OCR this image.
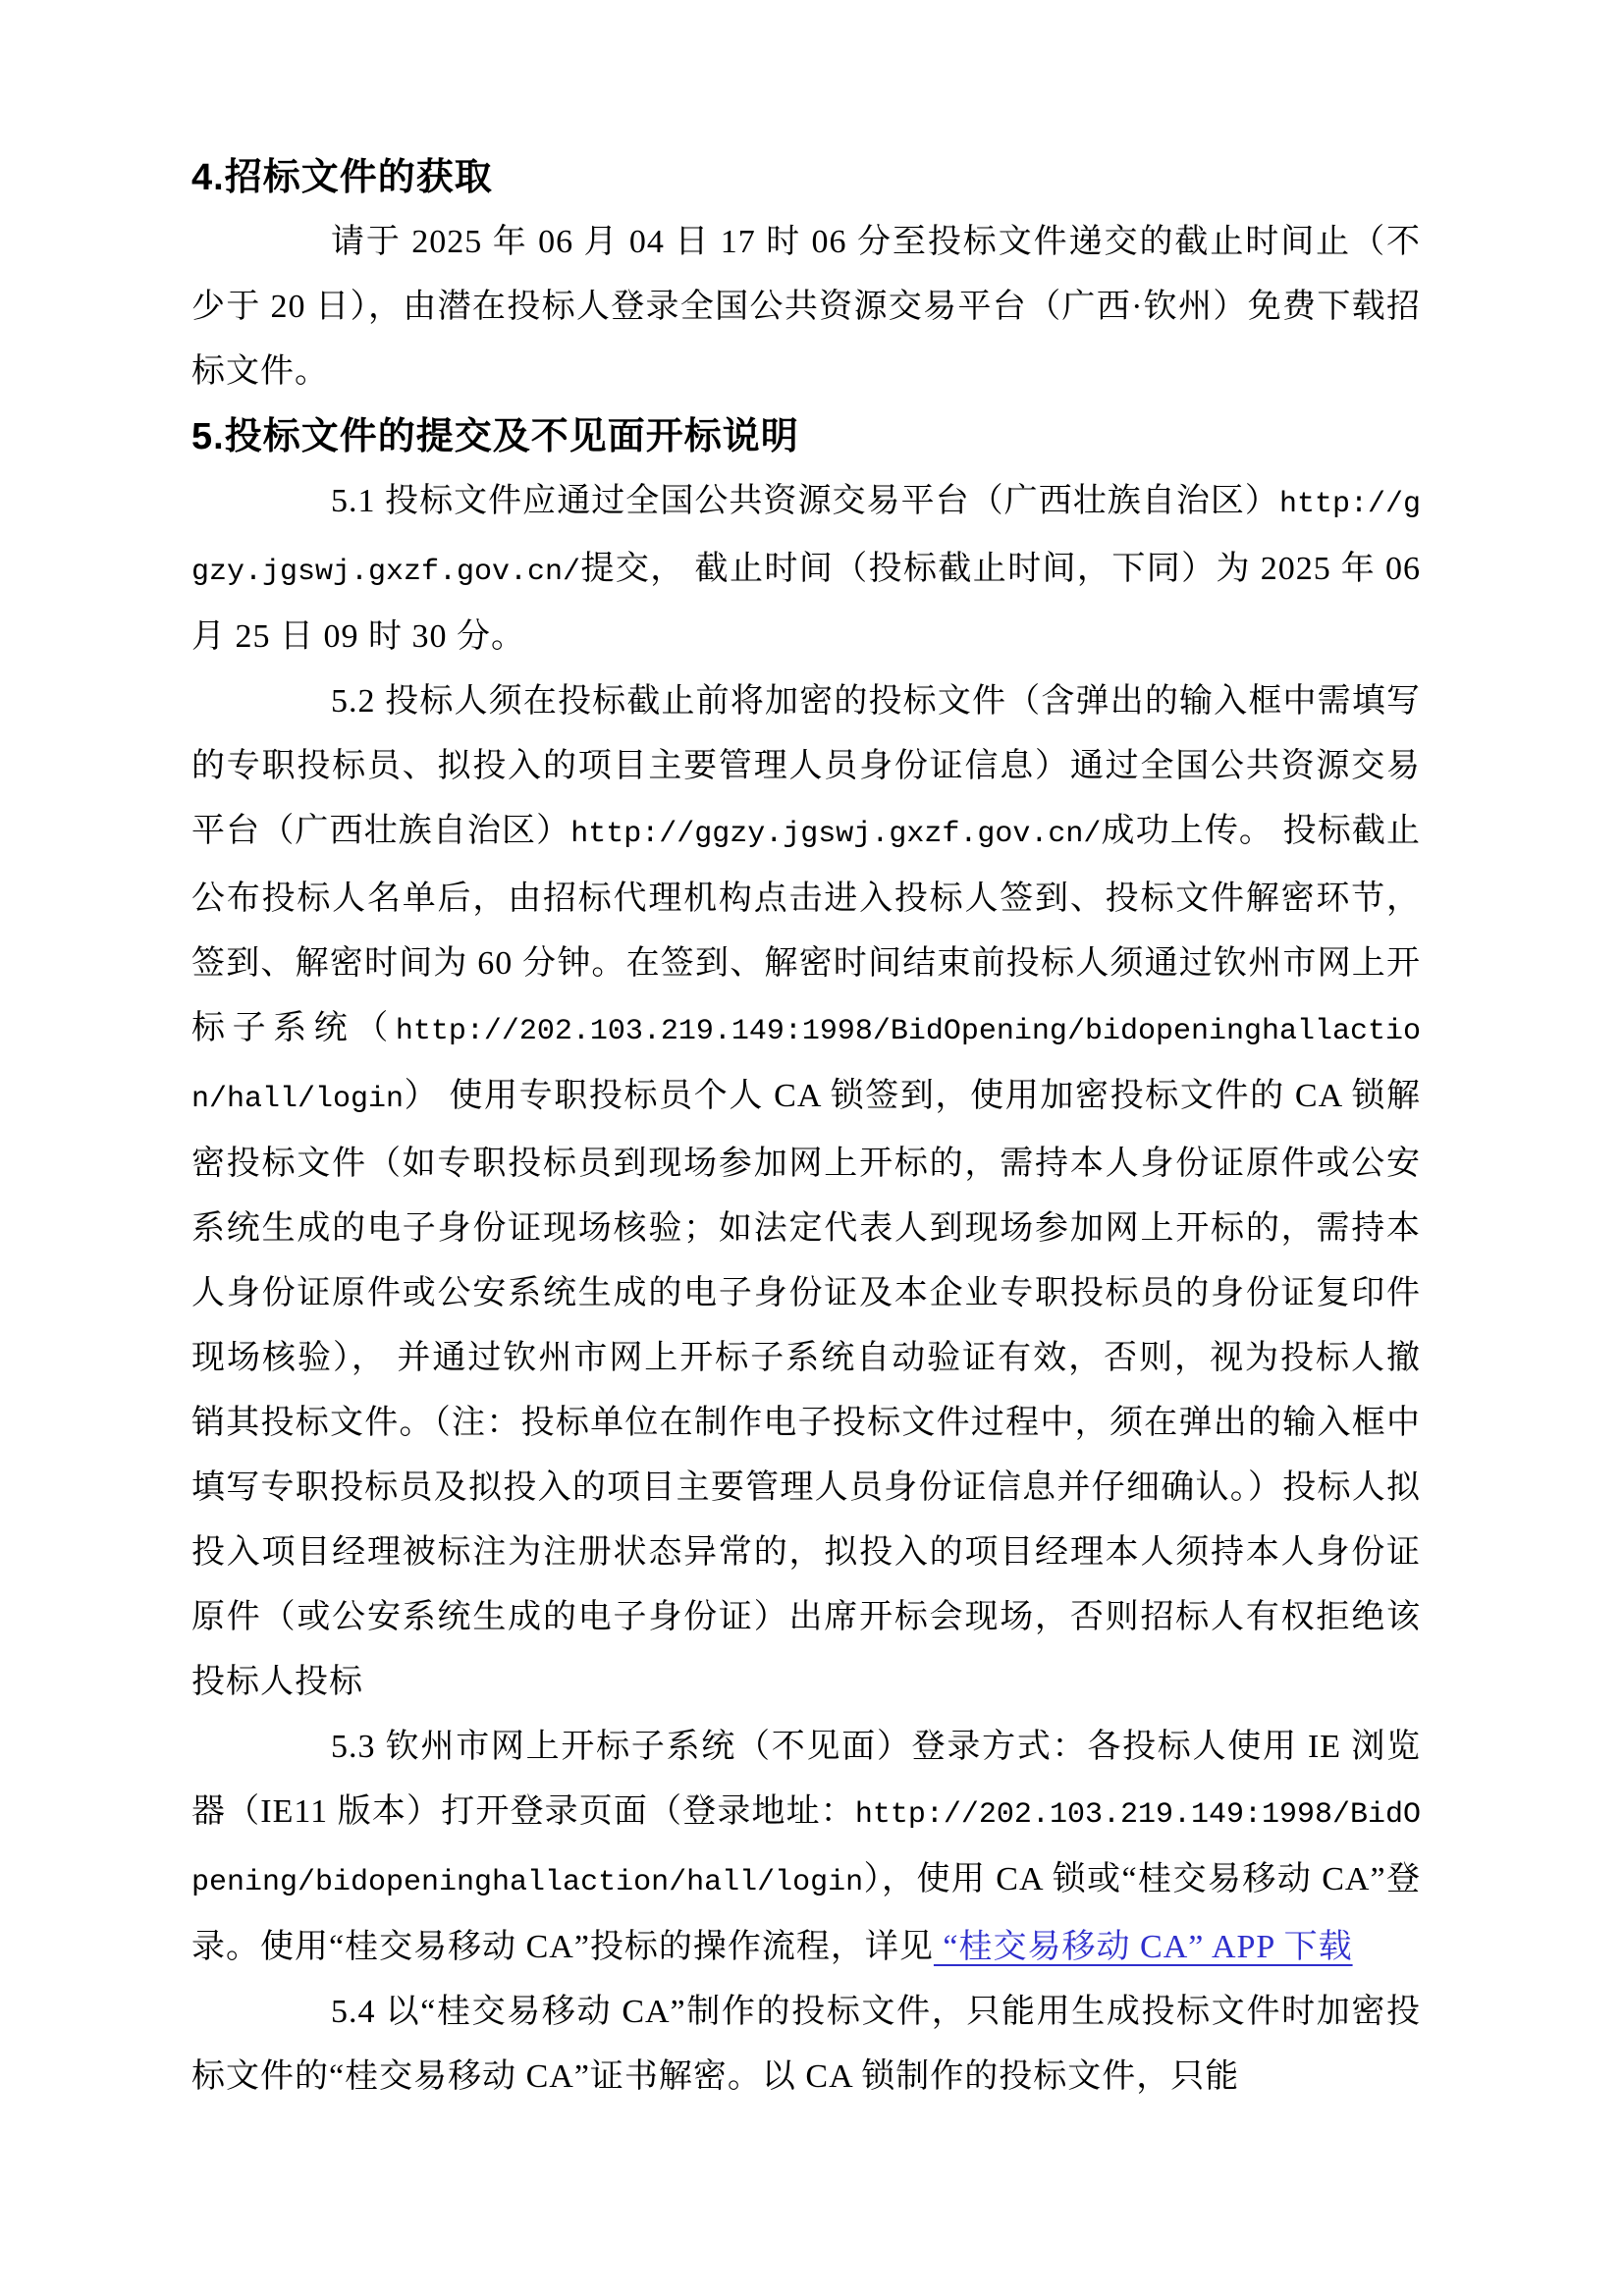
4.招标文件的获取

请于 2025 年 06 月 04 日 17 时 06 分至投标文件递交的截止时间止（不少于 20 日），由潜在投标人登录全国公共资源交易平台（广西·钦州）免费下载招标文件。

5.投标文件的提交及不见面开标说明

5.1 投标文件应通过全国公共资源交易平台（广西壮族自治区）http://ggzy.jgswj.gxzf.gov.cn/提交， 截止时间（投标截止时间，下同）为 2025 年 06 月 25 日 09 时 30 分。

5.2 投标人须在投标截止前将加密的投标文件（含弹出的输入框中需填写的专职投标员、拟投入的项目主要管理人员身份证信息）通过全国公共资源交易平台（广西壮族自治区）http://ggzy.jgswj.gxzf.gov.cn/成功上传。 投标截止公布投标人名单后，由招标代理机构点击进入投标人签到、投标文件解密环节，签到、解密时间为 60 分钟。在签到、解密时间结束前投标人须通过钦州市网上开标子系统（http://202.103.219.149:1998/BidOpening/bidopeninghallaction/hall/login） 使用专职投标员个人 CA 锁签到，使用加密投标文件的 CA 锁解密投标文件（如专职投标员到现场参加网上开标的，需持本人身份证原件或公安系统生成的电子身份证现场核验；如法定代表人到现场参加网上开标的，需持本人身份证原件或公安系统生成的电子身份证及本企业专职投标员的身份证复印件现场核验）， 并通过钦州市网上开标子系统自动验证有效，否则，视为投标人撤销其投标文件。（注：投标单位在制作电子投标文件过程中，须在弹出的输入框中填写专职投标员及拟投入的项目主要管理人员身份证信息并仔细确认。）投标人拟投入项目经理被标注为注册状态异常的，拟投入的项目经理本人须持本人身份证原件（或公安系统生成的电子身份证）出席开标会现场，否则招标人有权拒绝该投标人投标

5.3 钦州市网上开标子系统（不见面）登录方式：各投标人使用 IE 浏览器（IE11 版本）打开登录页面（登录地址：http://202.103.219.149:1998/BidOpening/bidopeninghallaction/hall/login），使用 CA 锁或“桂交易移动 CA”登录。使用“桂交易移动 CA”投标的操作流程，详见 “桂交易移动 CA” APP 下载

5.4 以“桂交易移动 CA”制作的投标文件，只能用生成投标文件时加密投标文件的“桂交易移动 CA”证书解密。以 CA 锁制作的投标文件，只能
